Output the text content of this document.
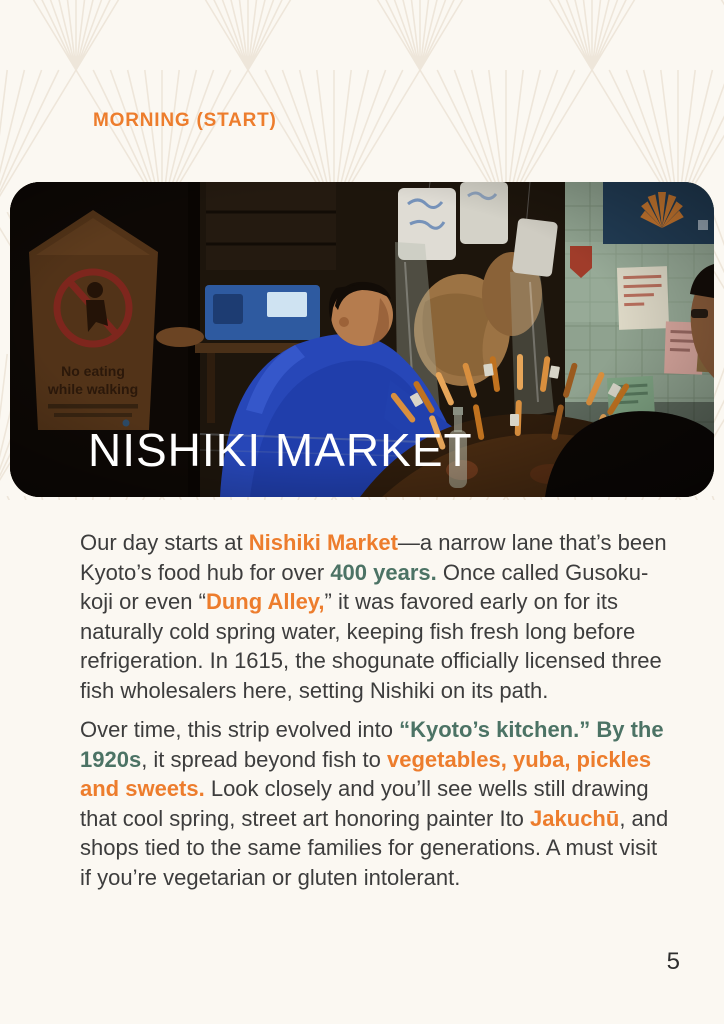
MORNING (START)
NISHIKI MARKET

Our day starts at Nishiki Market—a narrow lane that’s been Kyoto’s food hub for over 400 years. Once called Gusoku-koji or even “Dung Alley,” it was favored early on for its naturally cold spring water, keeping fish fresh long before refrigeration. In 1615, the shogunate officially licensed three fish wholesalers here, setting Nishiki on its path.

Over time, this strip evolved into “Kyoto’s kitchen.” By the 1920s, it spread beyond fish to vegetables, yuba, pickles and sweets. Look closely and you’ll see wells still drawing that cool spring, street art honoring painter Ito Jakuchū, and shops tied to the same families for generations. A must visit if you’re vegetarian or gluten intolerant.

5
